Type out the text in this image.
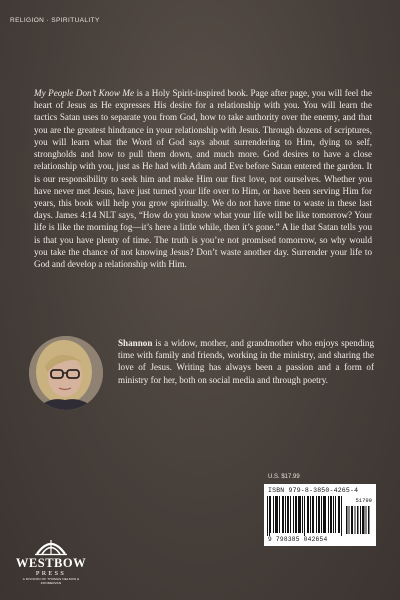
RELIGION · SPIRITUALITY
My People Don’t Know Me is a Holy Spirit-inspired book. Page after page, you will feel the heart of Jesus as He expresses His desire for a relationship with you. You will learn the tactics Satan uses to separate you from God, how to take authority over the enemy, and that you are the greatest hindrance in your relationship with Jesus. Through dozens of scriptures, you will learn what the Word of God says about surrendering to Him, dying to self, strongholds and how to pull them down, and much more. God desires to have a close relationship with you, just as He had with Adam and Eve before Satan entered the garden. It is our responsibility to seek him and make Him our first love, not ourselves. Whether you have never met Jesus, have just turned your life over to Him, or have been serving Him for years, this book will help you grow spiritually. We do not have time to waste in these last days. James 4:14 NLT says, “How do you know what your life will be like tomorrow? Your life is like the morning fog—it’s here a little while, then it’s gone.” A lie that Satan tells you is that you have plenty of time. The truth is you’re not promised tomorrow, so why would you take the chance of not knowing Jesus? Don’t waste another day. Surrender your life to God and develop a relationship with Him.
Shannon is a widow, mother, and grandmother who enjoys spending time with family and friends, working in the ministry, and sharing the love of Jesus. Writing has always been a passion and a form of ministry for her, both on social media and through poetry.
U.S. $17.99
ISBN 979-8-3850-4265-4
51799
9 798385 042654
WESTBOW
PRESS
A DIVISION OF THOMAS NELSON & ZONDERVAN
